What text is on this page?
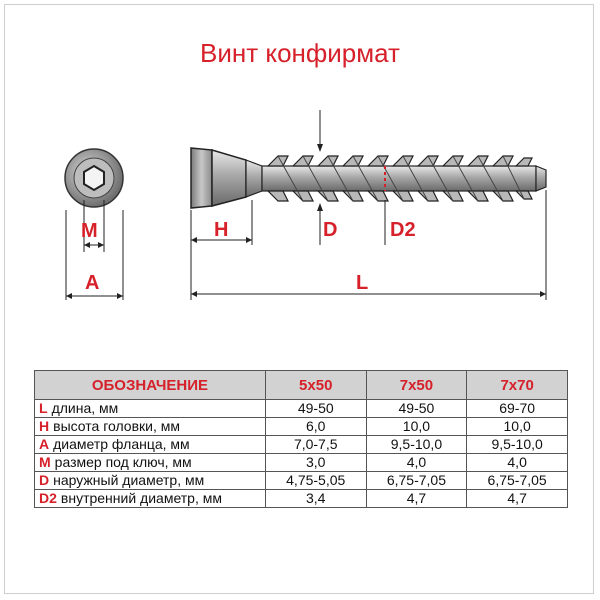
Винт конфирмат
M
A
H	D	D2
L
ОБОЗНАЧЕНИЕ	5x50	7x50	7x70
L длина, мм	49-50	49-50	69-70
H высота головки, мм	6,0	10,0	10,0
A диаметр фланца, мм	7,0-7,5	9,5-10,0	9,5-10,0
M размер под ключ, мм	3,0	4,0	4,0
D наружный диаметр, мм	4,75-5,05	6,75-7,05	6,75-7,05
D2 внутренний диаметр, мм	3,4	4,7	4,7
